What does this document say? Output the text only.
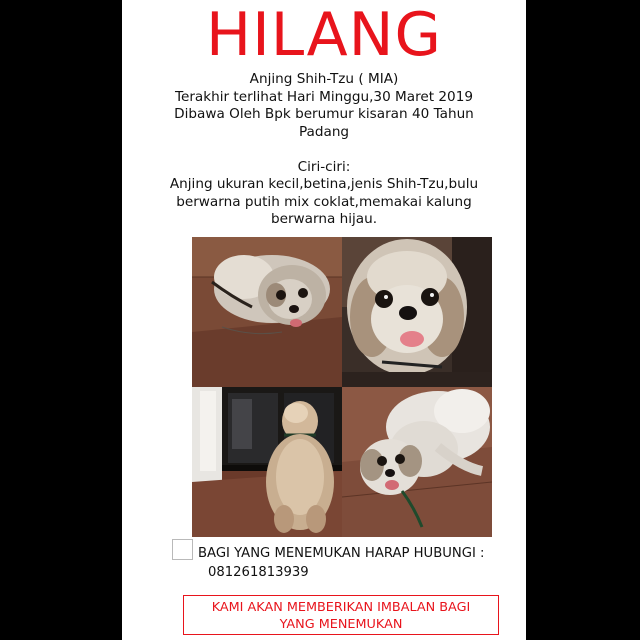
HILANG
Anjing Shih-Tzu ( MIA)
Terakhir terlihat Hari Minggu,30 Maret 2019
Dibawa Oleh Bpk berumur kisaran 40 Tahun
Padang
Ciri-ciri:
Anjing ukuran kecil,betina,jenis Shih-Tzu,bulu
berwarna putih mix coklat,memakai kalung
berwarna hijau.
BAGI YANG MENEMUKAN HARAP HUBUNGI :
081261813939
KAMI AKAN MEMBERIKAN IMBALAN BAGI
YANG MENEMUKAN
